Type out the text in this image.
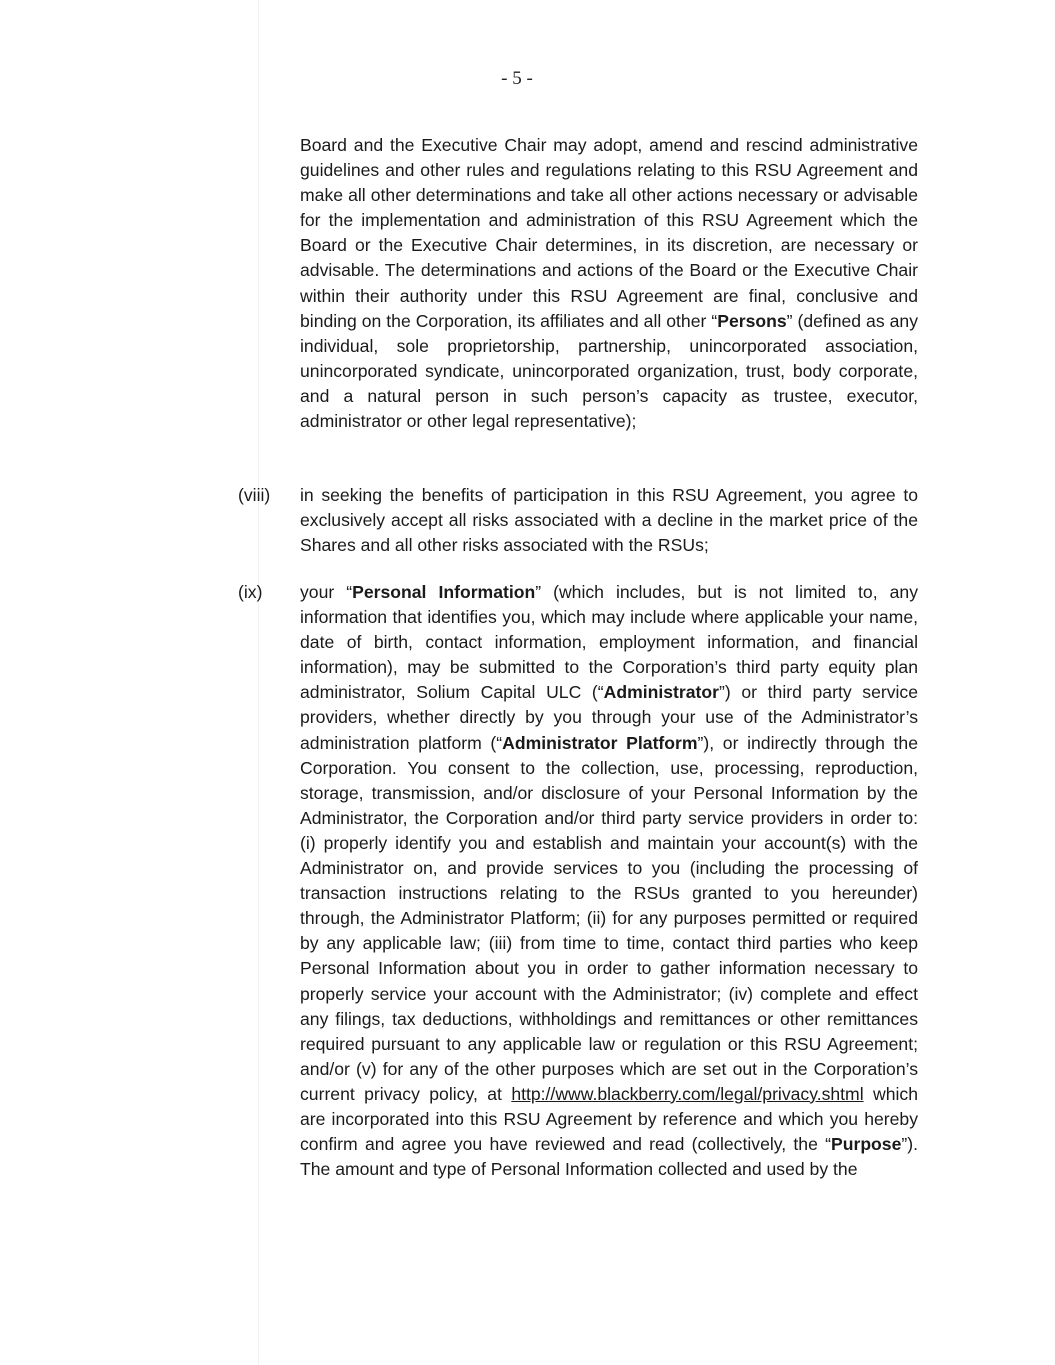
- 5 -

Board and the Executive Chair may adopt, amend and rescind administrative guidelines and other rules and regulations relating to this RSU Agreement and make all other determinations and take all other actions necessary or advisable for the implementation and administration of this RSU Agreement which the Board or the Executive Chair determines, in its discretion, are necessary or advisable. The determinations and actions of the Board or the Executive Chair within their authority under this RSU Agreement are final, conclusive and binding on the Corporation, its affiliates and all other “Persons” (defined as any individual, sole proprietorship, partnership, unincorporated association, unincorporated syndicate, unincorporated organization, trust, body corporate, and a natural person in such person’s capacity as trustee, executor, administrator or other legal representative);

(viii) in seeking the benefits of participation in this RSU Agreement, you agree to exclusively accept all risks associated with a decline in the market price of the Shares and all other risks associated with the RSUs;

(ix) your “Personal Information” (which includes, but is not limited to, any information that identifies you, which may include where applicable your name, date of birth, contact information, employment information, and financial information), may be submitted to the Corporation’s third party equity plan administrator, Solium Capital ULC (“Administrator”) or third party service providers, whether directly by you through your use of the Administrator’s administration platform (“Administrator Platform”), or indirectly through the Corporation. You consent to the collection, use, processing, reproduction, storage, transmission, and/or disclosure of your Personal Information by the Administrator, the Corporation and/or third party service providers in order to: (i) properly identify you and establish and maintain your account(s) with the Administrator on, and provide services to you (including the processing of transaction instructions relating to the RSUs granted to you hereunder) through, the Administrator Platform; (ii) for any purposes permitted or required by any applicable law; (iii) from time to time, contact third parties who keep Personal Information about you in order to gather information necessary to properly service your account with the Administrator; (iv) complete and effect any filings, tax deductions, withholdings and remittances or other remittances required pursuant to any applicable law or regulation or this RSU Agreement; and/or (v) for any of the other purposes which are set out in the Corporation’s current privacy policy, at http://www.blackberry.com/legal/privacy.shtml which are incorporated into this RSU Agreement by reference and which you hereby confirm and agree you have reviewed and read (collectively, the “Purpose”). The amount and type of Personal Information collected and used by the
